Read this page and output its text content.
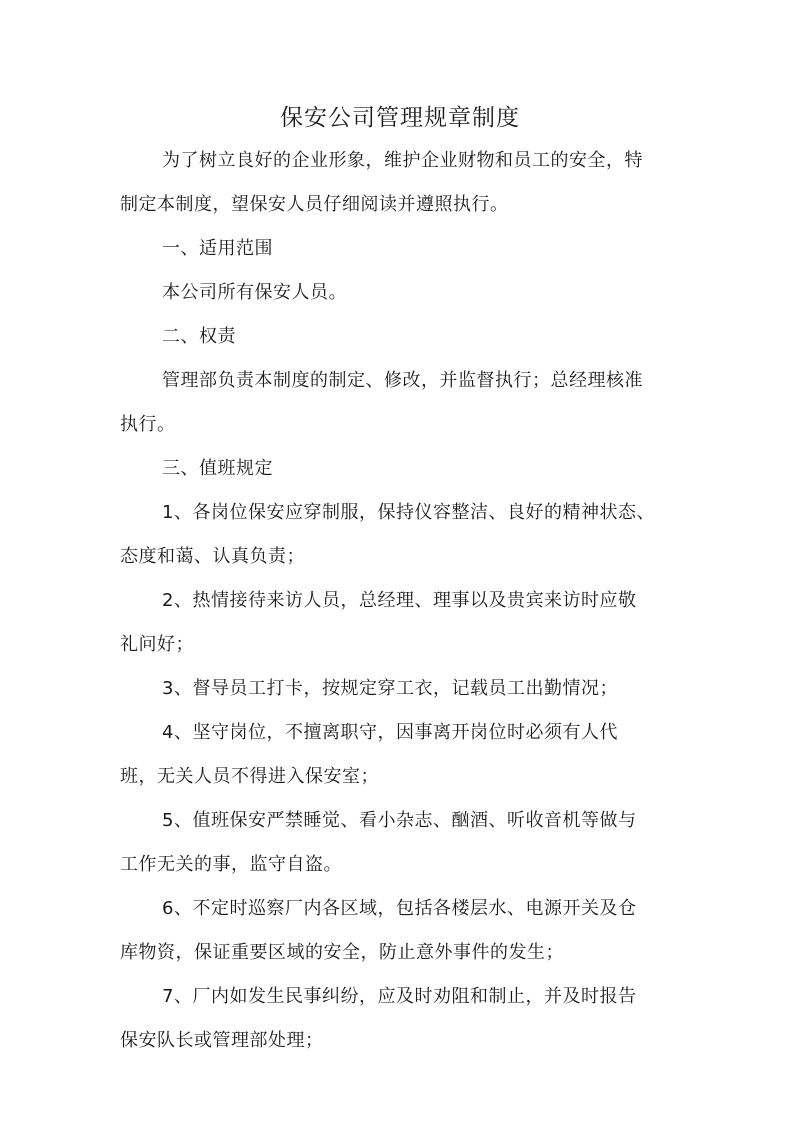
保安公司管理规章制度

为了树立良好的企业形象，维护企业财物和员工的安全，特

制定本制度，望保安人员仔细阅读并遵照执行。

一、适用范围

本公司所有保安人员。

二、权责

管理部负责本制度的制定、修改，并监督执行；总经理核准

执行。

三、值班规定

1、各岗位保安应穿制服，保持仪容整洁、良好的精神状态、

态度和蔼、认真负责；

2、热情接待来访人员，总经理、理事以及贵宾来访时应敬

礼问好；

3、督导员工打卡，按规定穿工衣，记载员工出勤情况；

4、坚守岗位，不擅离职守，因事离开岗位时必须有人代

班，无关人员不得进入保安室；

5、值班保安严禁睡觉、看小杂志、酗酒、听收音机等做与

工作无关的事，监守自盗。

6、不定时巡察厂内各区域，包括各楼层水、电源开关及仓

库物资，保证重要区域的安全，防止意外事件的发生；

7、厂内如发生民事纠纷，应及时劝阻和制止，并及时报告

保安队长或管理部处理；
